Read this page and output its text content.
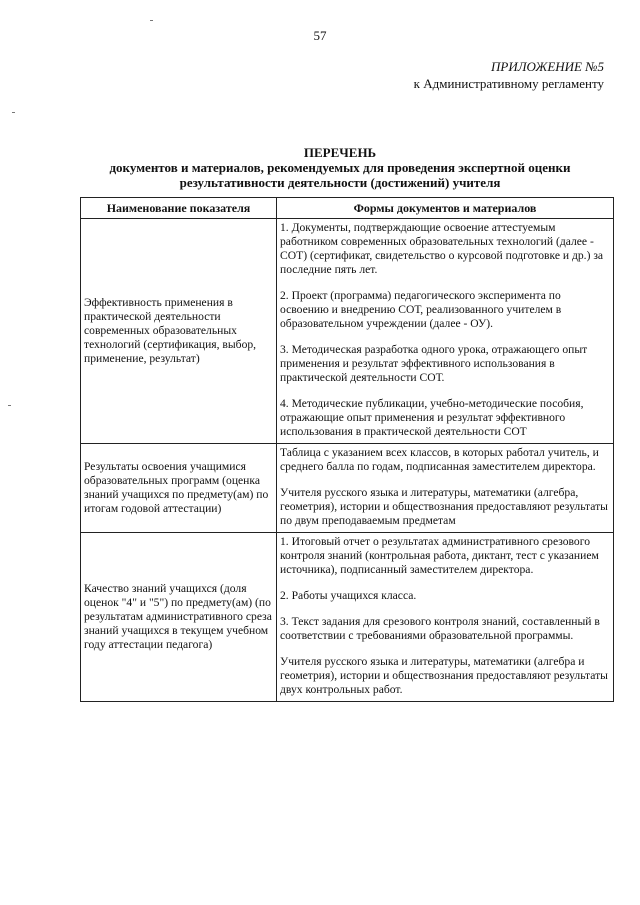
57
ПРИЛОЖЕНИЕ №5
к Административному регламенту
ПЕРЕЧЕНЬ
документов и материалов, рекомендуемых для проведения экспертной оценки
результативности деятельности (достижений) учителя
Наименование показателя	Формы документов и материалов
Эффективность применения в практической деятельности современных образовательных технологий (сертификация, выбор, применение, результат)	1. Документы, подтверждающие освоение аттестуемым работником современных образовательных технологий (далее - СОТ) (сертификат, свидетельство о курсовой подготовке и др.) за последние пять лет.

2. Проект (программа) педагогического эксперимента по освоению и внедрению СОТ, реализованного учителем в образовательном учреждении (далее - ОУ).

3. Методическая разработка одного урока, отражающего опыт применения и результат эффективного использования в практической деятельности СОТ.

4. Методические публикации, учебно-методические пособия, отражающие опыт применения и результат эффективного использования в практической деятельности СОТ

Результаты освоения учащимися образовательных программ (оценка знаний учащихся по предмету(ам) по итогам годовой аттестации)	Таблица с указанием всех классов, в которых работал учитель, и среднего балла по годам, подписанная заместителем директора.

Учителя русского языка и литературы, математики (алгебра, геометрия), истории и обществознания предоставляют результаты по двум преподаваемым предметам

Качество знаний учащихся (доля оценок "4" и "5") по предмету(ам) (по результатам административного среза знаний учащихся в текущем учебном году аттестации педагога)	1. Итоговый отчет о результатах административного срезового контроля знаний (контрольная работа, диктант, тест с указанием источника), подписанный заместителем директора.

2. Работы учащихся класса.

3. Текст задания для срезового контроля знаний, составленный в соответствии с требованиями образовательной программы.

Учителя русского языка и литературы, математики (алгебра и геометрия), истории и обществознания предоставляют результаты двух контрольных работ.
